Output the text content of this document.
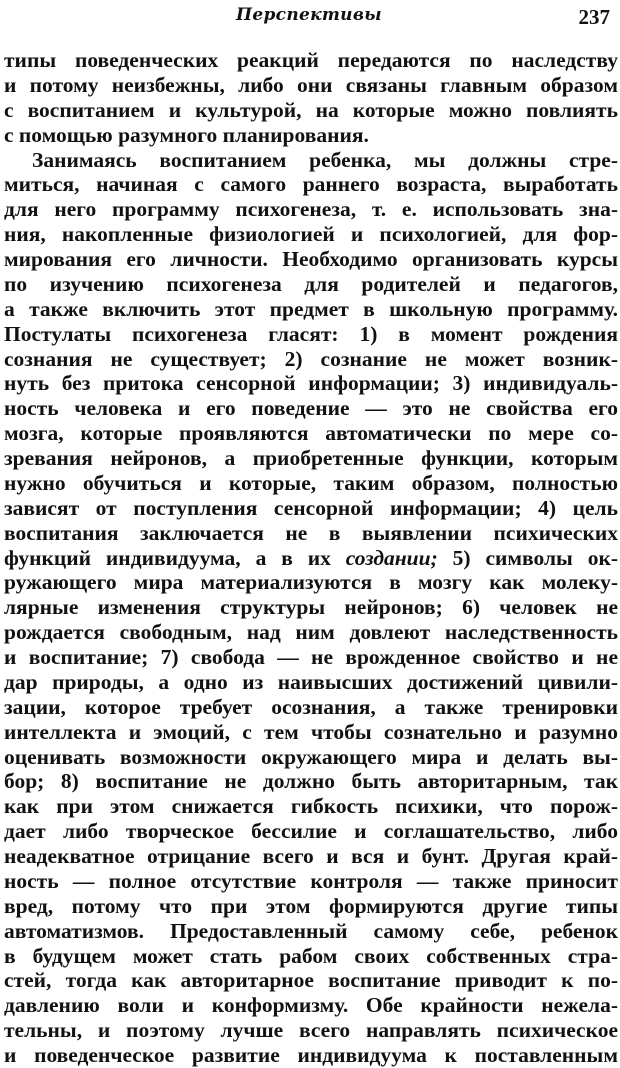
Перспективы	237
типы поведенческих реакций передаются по наследству
и потому неизбежны, либо они связаны главным образом
с воспитанием и культурой, на которые можно повлиять
с помощью разумного планирования.
Занимаясь воспитанием ребенка, мы должны стре-
миться, начиная с самого раннего возраста, выработать
для него программу психогенеза, т. е. использовать зна-
ния, накопленные физиологией и психологией, для фор-
мирования его личности. Необходимо организовать курсы
по изучению психогенеза для родителей и педагогов,
а также включить этот предмет в школьную программу.
Постулаты психогенеза гласят: 1) в момент рождения
сознания не существует; 2) сознание не может возник-
нуть без притока сенсорной информации; 3) индивидуаль-
ность человека и его поведение — это не свойства его
мозга, которые проявляются автоматически по мере со-
зревания нейронов, а приобретенные функции, которым
нужно обучиться и которые, таким образом, полностью
зависят от поступления сенсорной информации; 4) цель
воспитания заключается не в выявлении психических
функций индивидуума, а в их создании; 5) символы ок-
ружающего мира материализуются в мозгу как молеку-
лярные изменения структуры нейронов; 6) человек не
рождается свободным, над ним довлеют наследственность
и воспитание; 7) свобода — не врожденное свойство и не
дар природы, а одно из наивысших достижений цивили-
зации, которое требует осознания, а также тренировки
интеллекта и эмоций, с тем чтобы сознательно и разумно
оценивать возможности окружающего мира и делать вы-
бор; 8) воспитание не должно быть авторитарным, так
как при этом снижается гибкость психики, что порож-
дает либо творческое бессилие и соглашательство, либо
неадекватное отрицание всего и вся и бунт. Другая край-
ность — полное отсутствие контроля — также приносит
вред, потому что при этом формируются другие типы
автоматизмов. Предоставленный самому себе, ребенок
в будущем может стать рабом своих собственных стра-
стей, тогда как авторитарное воспитание приводит к по-
давлению воли и конформизму. Обе крайности нежела-
тельны, и поэтому лучше всего направлять психическое
и поведенческое развитие индивидуума к поставленным
